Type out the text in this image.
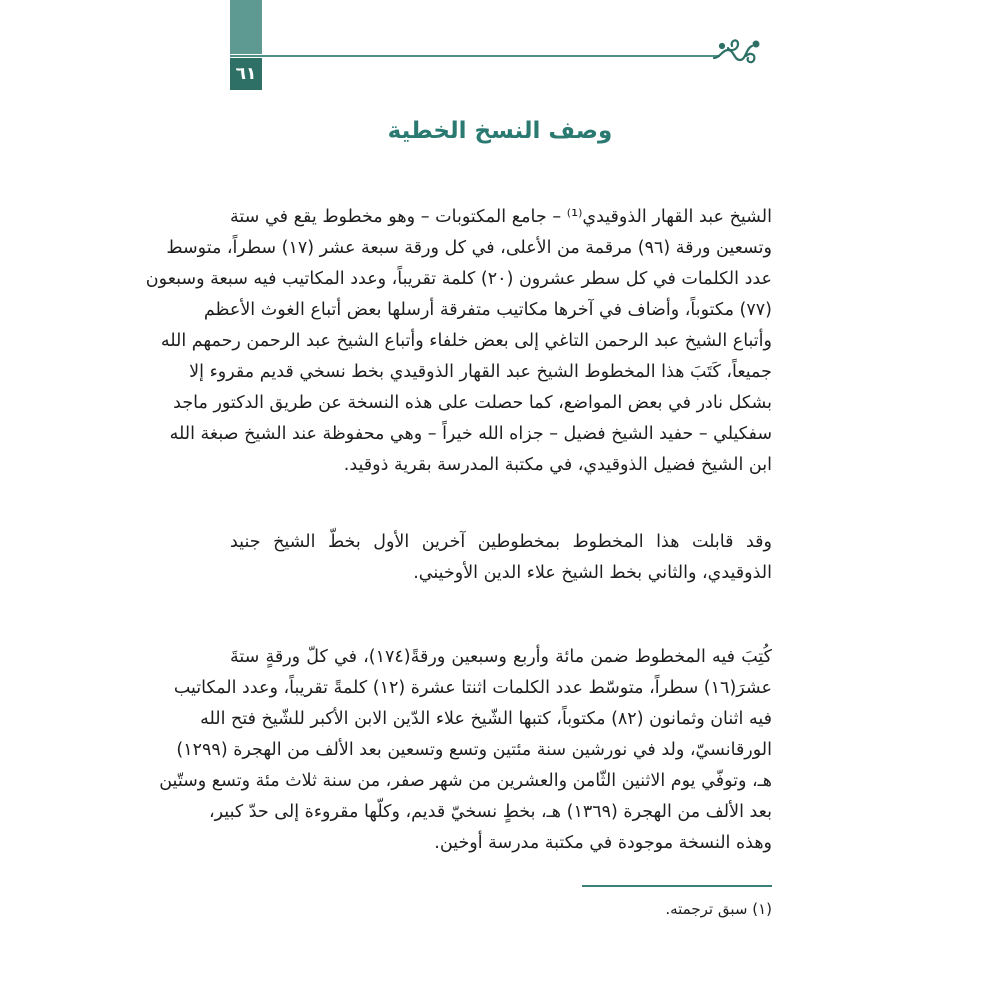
٦١
وصف النسخ الخطية
الشيخ عبد القهار الذوقيدي⁽¹⁾ – جامع المكتوبات – وهو مخطوط يقع في ستة
وتسعين ورقة (٩٦) مرقمة من الأعلى، في كل ورقة سبعة عشر (١٧) سطراً، متوسط
عدد الكلمات في كل سطر عشرون (٢٠) كلمة تقريباً، وعدد المكاتيب فيه سبعة وسبعون
(٧٧) مكتوباً، وأضاف في آخرها مكاتيب متفرقة أرسلها بعض أتباع الغوث الأعظم
وأتباع الشيخ عبد الرحمن التاغي إلى بعض خلفاء وأتباع الشيخ عبد الرحمن رحمهم الله
جميعاً، كَتَبَ هذا المخطوط الشيخ عبد القهار الذوقيدي بخط نسخي قديم مقروء إلا
بشكل نادر في بعض المواضع، كما حصلت على هذه النسخة عن طريق الدكتور ماجد
سفكيلي – حفيد الشيخ فضيل – جزاه الله خيراً – وهي محفوظة عند الشيخ صبغة الله
ابن الشيخ فضيل الذوقيدي، في مكتبة المدرسة بقرية ذوقيد.
وقد قابلت هذا المخطوط بمخطوطين آخرين الأول بخطّ الشيخ جنيد
الذوقيدي، والثاني بخط الشيخ علاء الدين الأوخيني.
كُتِبَ فيه المخطوط ضمن مائة وأربع وسبعين ورقةً(١٧٤)، في كلّ ورقةٍ ستةَ
عشرَ(١٦) سطراً، متوسّط عدد الكلمات اثنتا عشرة (١٢) كلمةً تقريباً، وعدد المكاتيب
فيه اثنان وثمانون (٨٢) مكتوباً، كتبها الشّيخ علاء الدّين الابن الأكبر للشّيخ فتح الله
الورقانسيّ، ولد في نورشين سنة مئتين وتسع وتسعين بعد الألف من الهجرة (١٢٩٩)
هـ، وتوفّي يوم الاثنين الثّامن والعشرين من شهر صفر، من سنة ثلاث مئة وتسع وستّين
بعد الألف من الهجرة (١٣٦٩) هـ، بخطٍ نسخيّ قديم، وكلّها مقروءة إلى حدّ كبير،
وهذه النسخة موجودة في مكتبة مدرسة أوخين.

(١) سبق ترجمته.
